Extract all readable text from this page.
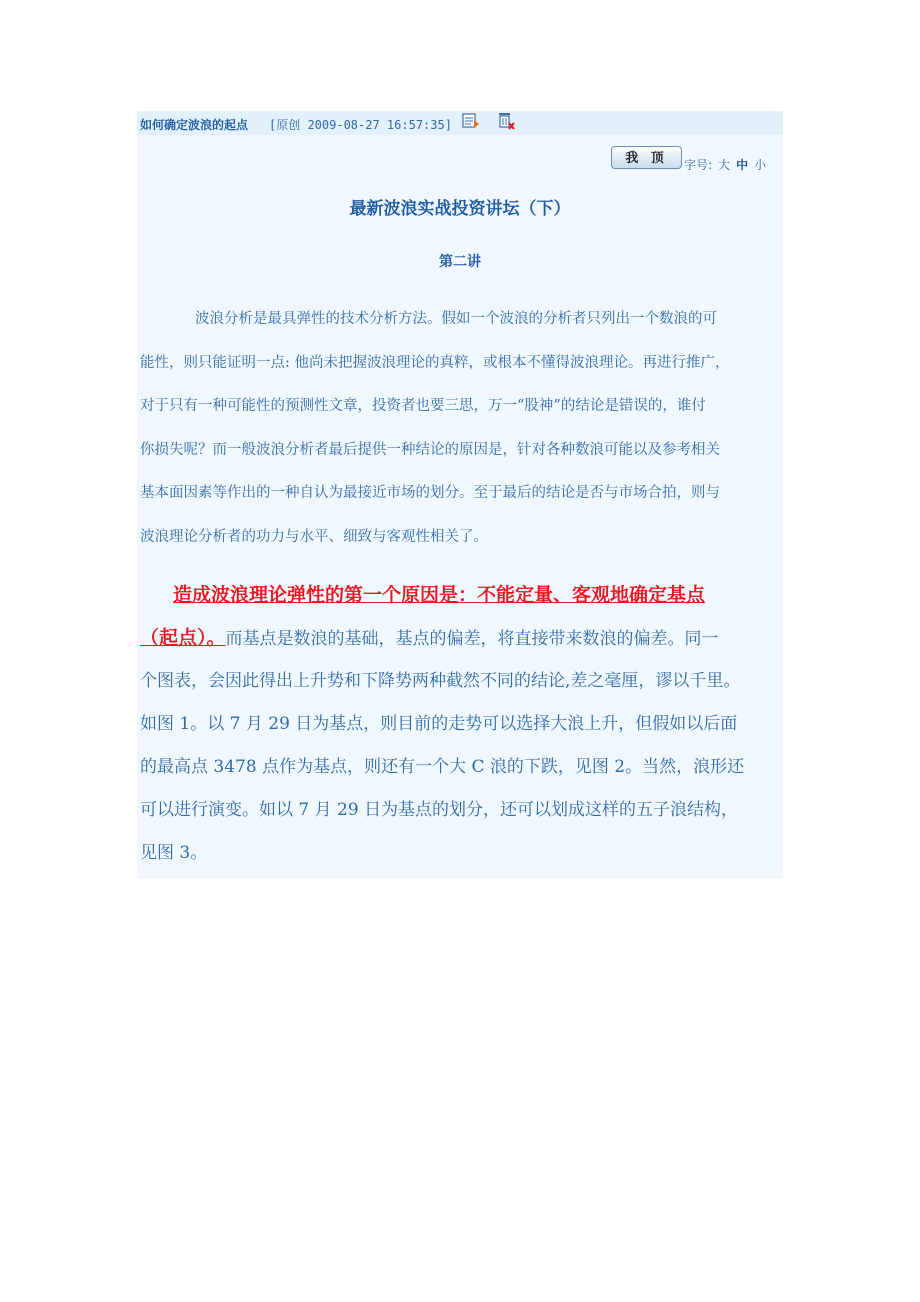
如何确定波浪的起点 [原创 2009-08-27 16:57:35]
我 顶	字号: 大 中 小
最新波浪实战投资讲坛（下）
第二讲
波浪分析是最具弹性的技术分析方法。假如一个波浪的分析者只列出一个数浪的可
能性，则只能证明一点: 他尚未把握波浪理论的真粹，或根本不懂得波浪理论。再进行推广，
对于只有一种可能性的预测性文章，投资者也要三思，万一“股神”的结论是错误的，谁付
你损失呢？而一般波浪分析者最后提供一种结论的原因是，针对各种数浪可能以及参考相关
基本面因素等作出的一种自认为最接近市场的划分。至于最后的结论是否与市场合拍，则与
波浪理论分析者的功力与水平、细致与客观性相关了。
造成波浪理论弹性的第一个原因是：不能定量、客观地确定基点
（起点）。而基点是数浪的基础，基点的偏差，将直接带来数浪的偏差。同一
个图表，会因此得出上升势和下降势两种截然不同的结论,差之毫厘，谬以千里。
如图 1。以 7 月 29 日为基点，则目前的走势可以选择大浪上升，但假如以后面
的最高点 3478 点作为基点，则还有一个大 C 浪的下跌，见图 2。当然，浪形还
可以进行演变。如以 7 月 29 日为基点的划分，还可以划成这样的五子浪结构，
见图 3。
